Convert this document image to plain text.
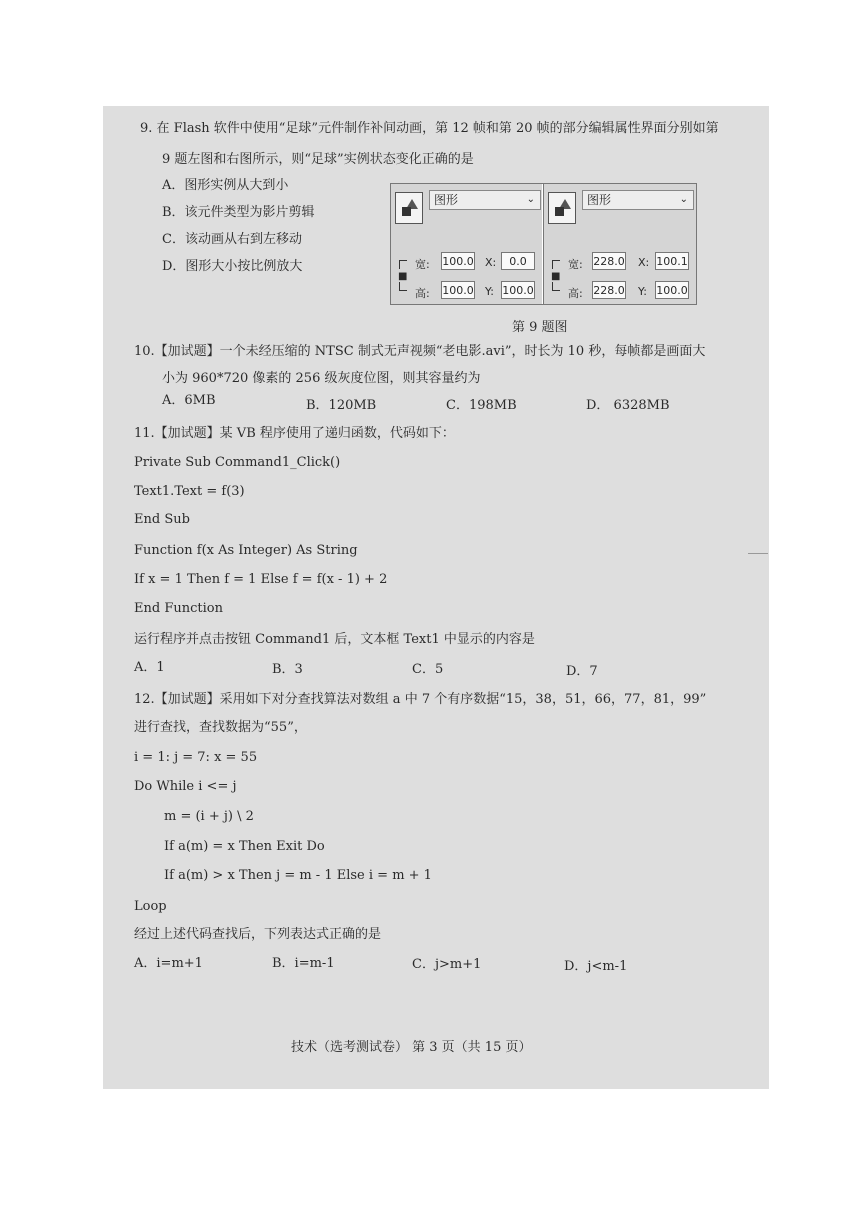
9. 在 Flash 软件中使用“足球”元件制作补间动画，第 12 帧和第 20 帧的部分编辑属性界面分别如第
9 题左图和右图所示，则“足球”实例状态变化正确的是
A．图形实例从大到小
B．该元件类型为影片剪辑
C．该动画从右到左移动
D．图形大小按比例放大
图形	⌄
■
宽: 100.0 X:	0.0
高: 100.0 Y: 100.0
图形	⌄
■
宽: 228.0 X: 100.1
高: 228.0 Y: 100.0
第 9 题图
10.【加试题】一个未经压缩的 NTSC 制式无声视频“老电影.avi”，时长为 10 秒，每帧都是画面大
小为 960*720 像素的 256 级灰度位图，则其容量约为
A．6MB	B．120MB	C．198MB	D． 6328MB
11.【加试题】某 VB 程序使用了递归函数，代码如下：
Private Sub Command1_Click()
Text1.Text = f(3)
End Sub
Function f(x As Integer) As String
If x = 1 Then f = 1 Else f = f(x - 1) + 2
End Function
运行程序并点击按钮 Command1 后，文本框 Text1 中显示的内容是
A．1	B．3	C．5	D．7
12.【加试题】采用如下对分查找算法对数组 a 中 7 个有序数据“15，38，51，66，77，81，99”
进行查找，查找数据为“55”，
i = 1: j = 7: x = 55
Do While i <= j
m = (i + j) \ 2
If a(m) = x Then Exit Do
If a(m) > x Then j = m - 1 Else i = m + 1
Loop
经过上述代码查找后，下列表达式正确的是
A．i=m+1	B．i=m-1	C．j>m+1	D．j<m-1
技术（选考测试卷） 第 3 页（共 15 页）
